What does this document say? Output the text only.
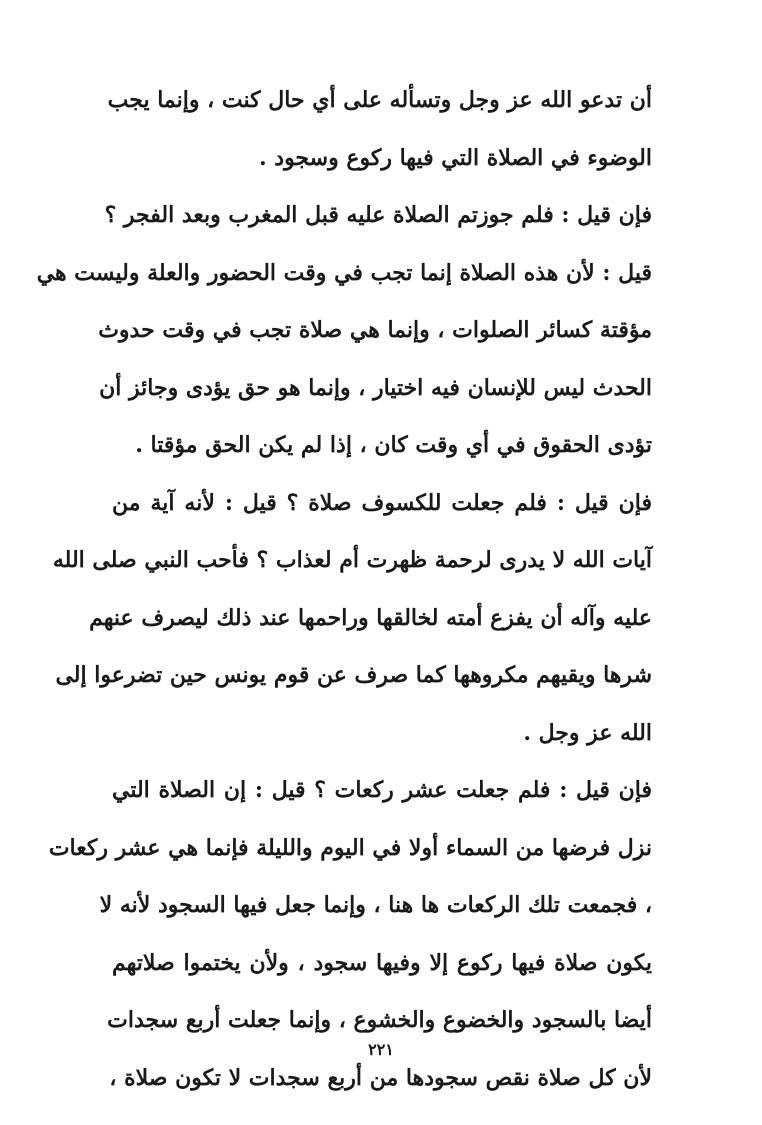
أن تدعو الله عز وجل وتسأله على أي حال كنت ، وإنما يجب
الوضوء في الصلاة التي فيها ركوع وسجود .
فإن قيل : فلم جوزتم الصلاة عليه قبل المغرب وبعد الفجر ؟
قيل : لأن هذه الصلاة إنما تجب في وقت الحضور والعلة وليست هي
مؤقتة كسائر الصلوات ، وإنما هي صلاة تجب في وقت حدوث
الحدث ليس للإنسان فيه اختيار ، وإنما هو حق يؤدى وجائز أن
تؤدى الحقوق في أي وقت كان ، إذا لم يكن الحق مؤقتا .
فإن قيل : فلم جعلت للكسوف صلاة ؟ قيل : لأنه آية من
آيات الله لا يدرى لرحمة ظهرت أم لعذاب ؟ فأحب النبي صلى الله
عليه وآله أن يفزع أمته لخالقها وراحمها عند ذلك ليصرف عنهم
شرها ويقيهم مكروهها كما صرف عن قوم يونس حين تضرعوا إلى
الله عز وجل .
فإن قيل : فلم جعلت عشر ركعات ؟ قيل : إن الصلاة التي
نزل فرضها من السماء أولا في اليوم والليلة فإنما هي عشر ركعات
، فجمعت تلك الركعات ها هنا ، وإنما جعل فيها السجود لأنه لا
يكون صلاة فيها ركوع إلا وفيها سجود ، ولأن يختموا صلاتهم
أيضا بالسجود والخضوع والخشوع ، وإنما جعلت أربع سجدات
لأن كل صلاة نقص سجودها من أربع سجدات لا تكون صلاة ،
٢٢١
